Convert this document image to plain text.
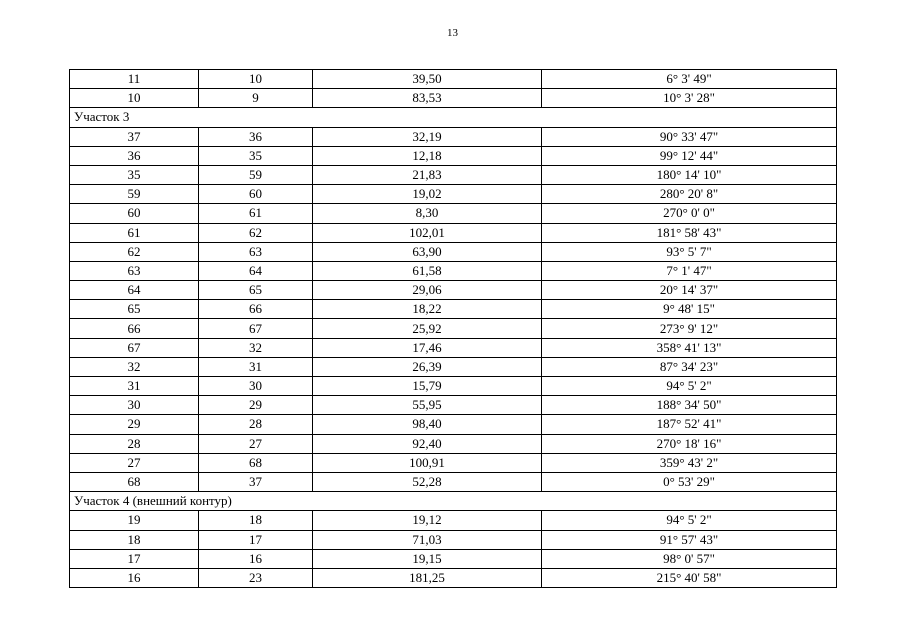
13
11	10	39,50	6° 3' 49"
10	9	83,53	10° 3' 28"
Участок 3			
37	36	32,19	90° 33' 47"
36	35	12,18	99° 12' 44"
35	59	21,83	180° 14' 10"
59	60	19,02	280° 20' 8"
60	61	8,30	270° 0' 0"
61	62	102,01	181° 58' 43"
62	63	63,90	93° 5' 7"
63	64	61,58	7° 1' 47"
64	65	29,06	20° 14' 37"
65	66	18,22	9° 48' 15"
66	67	25,92	273° 9' 12"
67	32	17,46	358° 41' 13"
32	31	26,39	87° 34' 23"
31	30	15,79	94° 5' 2"
30	29	55,95	188° 34' 50"
29	28	98,40	187° 52' 41"
28	27	92,40	270° 18' 16"
27	68	100,91	359° 43' 2"
68	37	52,28	0° 53' 29"
Участок 4 (внешний контур)			
19	18	19,12	94° 5' 2"
18	17	71,03	91° 57' 43"
17	16	19,15	98° 0' 57"
16	23	181,25	215° 40' 58"
